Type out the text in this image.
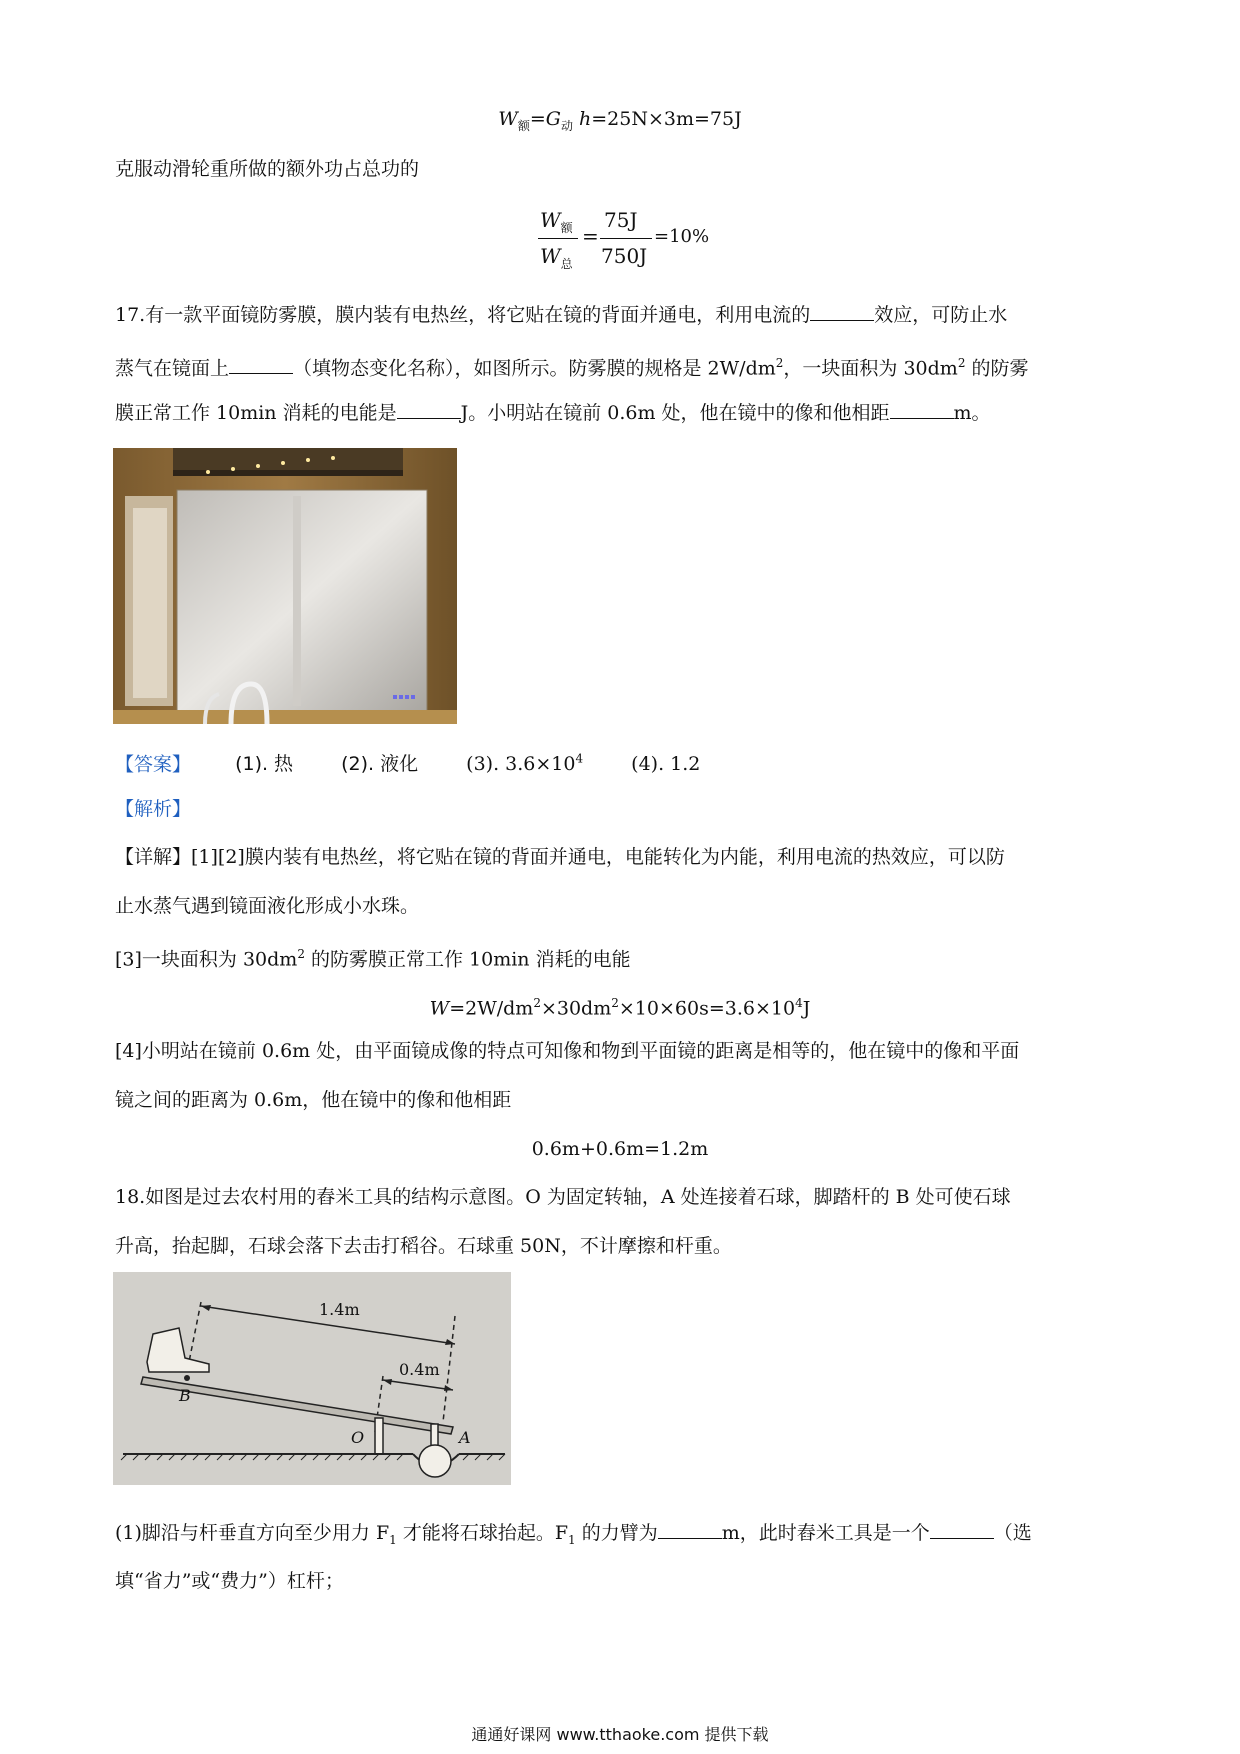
$W_额=G_动$ h=25N×3m=75J
克服动滑轮重所做的额外功占总功的
$W_额$
$W_总$
=
75J
750J
=10%
17.有一款平面镜防雾膜，膜内装有电热丝，将它贴在镜的背面并通电，利用电流的	效应，可防止水
蒸气在镜面上	（填物态变化名称），如图所示。防雾膜的规格是 $2W/dm^2$，一块面积为 $30dm^2$ 的防雾
膜正常工作 10min 消耗的电能是	J。小明站在镜前 0.6m 处，他在镜中的像和他相距	m。
【答案】 (1). 热	(2). 液化	(3). $3.6\times 10^4$	(4). 1.2
【解析】
【详解】[1][2]膜内装有电热丝，将它贴在镜的背面并通电，电能转化为内能，利用电流的热效应，可以防
止水蒸气遇到镜面液化形成小水珠。
[3]一块面积为 $30dm^2$ 的防雾膜正常工作 10min 消耗的电能
$W=2W/dm^2\times 30dm^2\times 10\times 60s=3.6\times 10^4J$
[4]小明站在镜前 0.6m 处，由平面镜成像的特点可知像和物到平面镜的距离是相等的，他在镜中的像和平面
镜之间的距离为 0.6m，他在镜中的像和他相距
0.6m+0.6m=1.2m
18.如图是过去农村用的舂米工具的结构示意图。O 为固定转轴，A 处连接着石球，脚踏杆的 B 处可使石球
升高，抬起脚，石球会落下去击打稻谷。石球重 50N，不计摩擦和杆重。
1.4m
0.4m
B
O	A
(1)脚沿与杆垂直方向至少用力 $F_1$ 才能将石球抬起。$F_1$ 的力臂为	m，此时舂米工具是一个	（选
填“省力”或“费力”）杠杆；
通通好课网 www.tthaoke.com 提供下载
